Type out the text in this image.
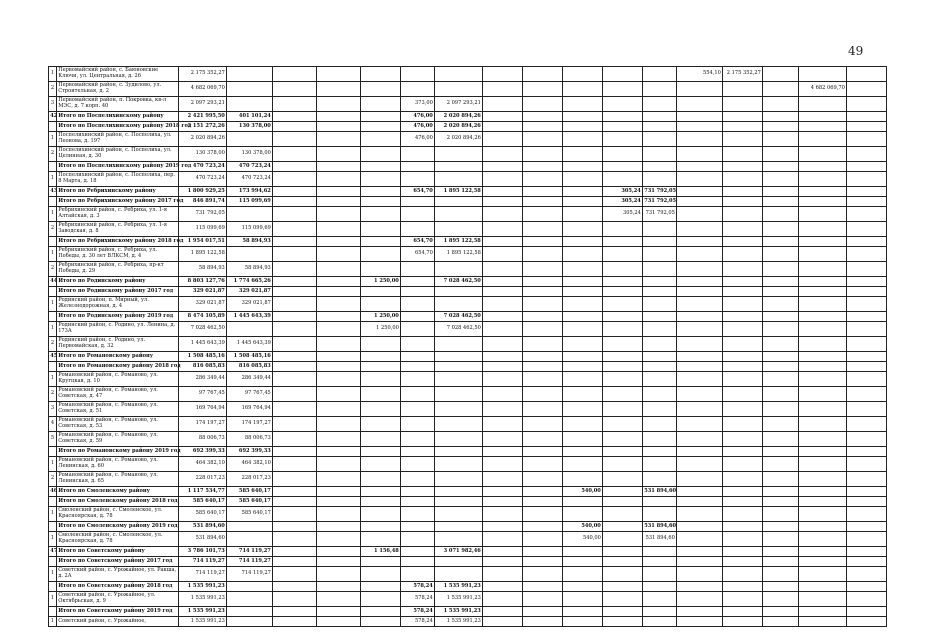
49
1	Первомайский район, с. Баюновские Ключи, ул. Центральная, д. 26	2 175 352,27												554,10	2 175 352,27			
2	Первомайский район, с. Зудилово, ул. Строительная, д. 2	4 682 069,70															4 682 069,70	
3	Первомайский район, п. Покровка, кв-л МЭС, д. 7 корп. 40	2 097 293,21					373,00	2 097 293,21										
42	Итого по Поспелихинскому району	2 421 995,50	401 101,24				476,00	2 020 894,26										
	Итого по Поспелихинскому району 2018 год	2 151 272,26	130 378,00				476,00	2 020 894,26										
1	Поспелихинский район, с. Поспелиха, ул. Леонова, д. 197	2 020 894,26					476,00	2 020 894,26										
2	Поспелихинский район, с. Поспелиха, ул. Целинная, д. 30	130 378,00	130 378,00															
	Итого по Поспелихинскому району 2019 год	470 723,24	470 723,24															
1	Поспелихинский район, с. Поспелиха, пер. 8 Марта, д. 18	470 723,24	470 723,24															
43	Итого по Ребрихинскому району	1 800 929,25	173 994,62				654,70	1 895 122,58				305,24	731 792,05					
	Итого по Ребрихинскому району 2017 год	846 891,74	115 099,69									305,24	731 792,05					
1	Ребрихинский район, с. Ребриха, ул. 1-я Алтайская, д. 3	731 792,05										305,24	731 792,05					
2	Ребрихинский район, с. Ребриха, ул. 1-я Заводская, д. 8	115 099,69	115 099,69															
	Итого по Ребрихинскому району 2018 год	1 954 017,51	58 894,93				654,70	1 895 122,58										
1	Ребрихинский район, с. Ребриха, ул. Победы, д. 30 лет ВЛКСМ, д. 4	1 895 122,58					654,70	1 895 122,58										
2	Ребрихинский район, с. Ребриха, пр-кт Победы, д. 29	58 894,93	58 894,93															
44	Итого по Родинскому району	8 803 127,76	1 774 665,26			1 250,00		7 028 462,50										
	Итого по Родинскому району 2017 год	329 021,87	329 021,87															
1	Родинский район, п. Мирный, ул. Железнодорожная, д. 4	329 021,87	329 021,87															
	Итого по Родинскому району 2019 год	8 474 105,89	1 445 643,39			1 250,00		7 028 462,50										
1	Родинский район, с. Родино, ул. Ленина, д. 173А	7 028 462,50				1 250,00		7 028 462,50										
2	Родинский район, с. Родино, ул. Первомайская, д. 32	1 445 643,39	1 445 643,39															
45	Итого по Романовскому району	1 508 485,16	1 508 485,16															
	Итого по Романовскому району 2018 год	816 085,83	816 085,83															
1	Романовский район, с. Романово, ул. Кругцкая, д. 10	286 349,44	286 349,44															
2	Романовский район, с. Романово, ул. Советская, д. 47	97 767,45	97 767,45															
3	Романовский район, с. Романово, ул. Советская, д. 51	169 764,94	169 764,94															
4	Романовский район, с. Романово, ул. Советская, д. 53	174 197,27	174 197,27															
5	Романовский район, с. Романово, ул. Советская, д. 59	88 006,73	88 006,73															
	Итого по Романовскому району 2019 год	692 399,33	692 399,33															
1	Романовский район, с. Романово, ул. Ленинская, д. 60	464 382,10	464 382,10															
2	Романовский район, с. Романово, ул. Ленинская, д. 65	228 017,23	228 017,23															
46	Итого по Смоленскому району	1 117 534,77	585 640,17								540,00		531 894,60					
	Итого по Смоленскому району 2018 год	585 640,17	585 640,17															
1	Смоленский район, с. Смоленское, ул. Красноярская, д. 78	585 640,17	585 640,17															
	Итого по Смоленскому району 2019 год	531 894,60									540,00		531 894,60					
1	Смоленский район, с. Смоленское, ул. Красноярская, д. 78	531 894,60									540,00		531 894,60					
47	Итого по Советскому району	3 786 101,73	714 119,27			1 156,48		3 071 982,46										
	Итого по Советскому району 2017 год	714 119,27	714 119,27															
1	Советский район, с. Урожайное, ул. Ракша, д. 2А	714 119,27	714 119,27															
	Итого по Советскому району 2018 год	1 535 991,23					578,24	1 535 991,23										
1	Советский район, с. Урожайное, ул. Октябрьская, д. 9	1 535 991,23					578,24	1 535 991,23										
	Итого по Советскому району 2019 год	1 535 991,23					578,24	1 535 991,23										
1	Советский район, с. Урожайное,	1 535 991,23					578,24	1 535 991,23										
